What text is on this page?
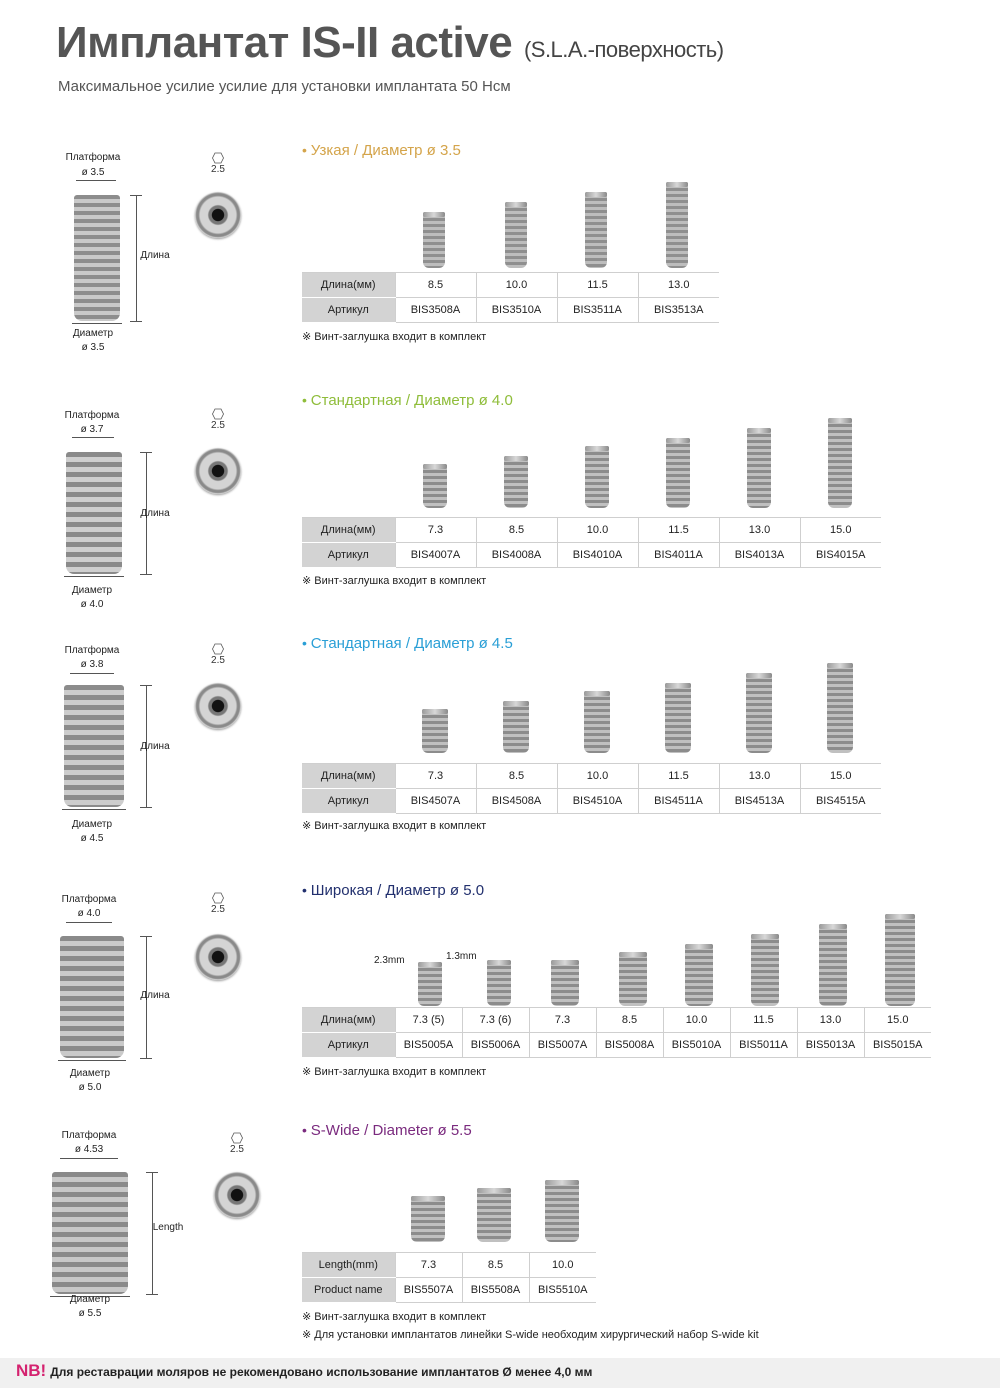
Имплантат IS-II active (S.L.A.-поверхность)
Максимальное усилие усилие для установки имплантата 50 Нсм
Платформа
ø 3.5
Длина
Диаметр
ø 3.5
2.5
• Узкая / Диаметр ø 3.5
Длина(мм)	8.5	10.0	11.5	13.0
Артикул	BIS3508A	BIS3510A	BIS3511A	BIS3513A
※ Винт-заглушка входит в комплект
Платформа
ø 3.7
Длина
Диаметр
ø 4.0
2.5
• Стандартная / Диаметр ø 4.0
Длина(мм)	7.3	8.5	10.0	11.5	13.0	15.0
Артикул	BIS4007A	BIS4008A	BIS4010A	BIS4011A	BIS4013A	BIS4015A
※ Винт-заглушка входит в комплект
Платформа
ø 3.8
Длина
Диаметр
ø 4.5
2.5
• Стандартная / Диаметр ø 4.5
Длина(мм)	7.3	8.5	10.0	11.5	13.0	15.0
Артикул	BIS4507A	BIS4508A	BIS4510A	BIS4511A	BIS4513A	BIS4515A
※ Винт-заглушка входит в комплект
Платформа
ø 4.0
Длина
Диаметр
ø 5.0
2.5
• Широкая / Диаметр ø 5.0
2.3mm	1.3mm
Длина(мм)	7.3 (5)	7.3 (6)	7.3	8.5	10.0	11.5	13.0	15.0
Артикул	BIS5005A	BIS5006A	BIS5007A	BIS5008A	BIS5010A	BIS5011A	BIS5013A	BIS5015A
※ Винт-заглушка входит в комплект
Платформа
ø 4.53
Length
Диаметр
ø 5.5
2.5
• S-Wide / Diameter ø 5.5
Length(mm)	7.3	8.5	10.0
Product name	BIS5507A	BIS5508A	BIS5510A
※ Винт-заглушка входит в комплект
※ Для установки имплантатов линейки S-wide необходим хирургический набор S-wide kit
NB! Для реставрации моляров не рекомендовано использование имплантатов Ø менее 4,0 мм
